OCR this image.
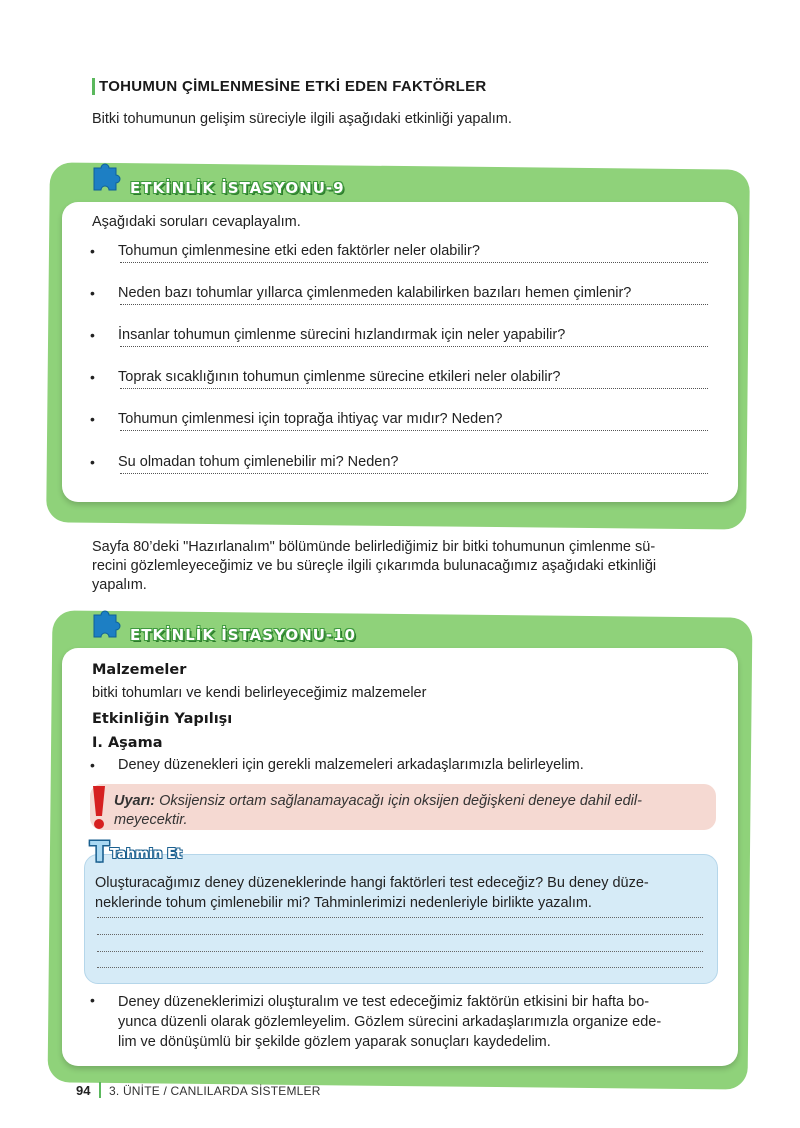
TOHUMUN ÇİMLENMESİNE ETKİ EDEN FAKTÖRLER
Bitki tohumunun gelişim süreciyle ilgili aşağıdaki etkinliği yapalım.
ETKİNLİK İSTASYONU-9
Aşağıdaki soruları cevaplayalım.
• Tohumun çimlenmesine etki eden faktörler neler olabilir?
• Neden bazı tohumlar yıllarca çimlenmeden kalabilirken bazıları hemen çimlenir?
• İnsanlar tohumun çimlenme sürecini hızlandırmak için neler yapabilir?
• Toprak sıcaklığının tohumun çimlenme sürecine etkileri neler olabilir?
• Tohumun çimlenmesi için toprağa ihtiyaç var mıdır? Neden?
• Su olmadan tohum çimlenebilir mi? Neden?
Sayfa 80’deki "Hazırlanalım" bölümünde belirlediğimiz bir bitki tohumunun çimlenme sü-
recini gözlemleyeceğimiz ve bu süreçle ilgili çıkarımda bulunacağımız aşağıdaki etkinliği
yapalım.
ETKİNLİK İSTASYONU-10
Malzemeler
bitki tohumları ve kendi belirleyeceğimiz malzemeler
Etkinliğin Yapılışı
I. Aşama
• Deney düzenekleri için gerekli malzemeleri arkadaşlarımızla belirleyelim.
Uyarı: Oksijensiz ortam sağlanamayacağı için oksijen değişkeni deneye dahil edil-
meyecektir.
Oluşturacağımız deney düzeneklerinde hangi faktörleri test edeceğiz? Bu deney düze-
neklerinde tohum çimlenebilir mi? Tahminlerimizi nedenleriyle birlikte yazalım.
T Tahmin Et
• Deney düzeneklerimizi oluşturalım ve test edeceğimiz faktörün etkisini bir hafta bo-
yunca düzenli olarak gözlemleyelim. Gözlem sürecini arkadaşlarımızla organize ede-
lim ve dönüşümlü bir şekilde gözlem yaparak sonuçları kaydedelim.
94 3. ÜNİTE / CANLILARDA SİSTEMLER
